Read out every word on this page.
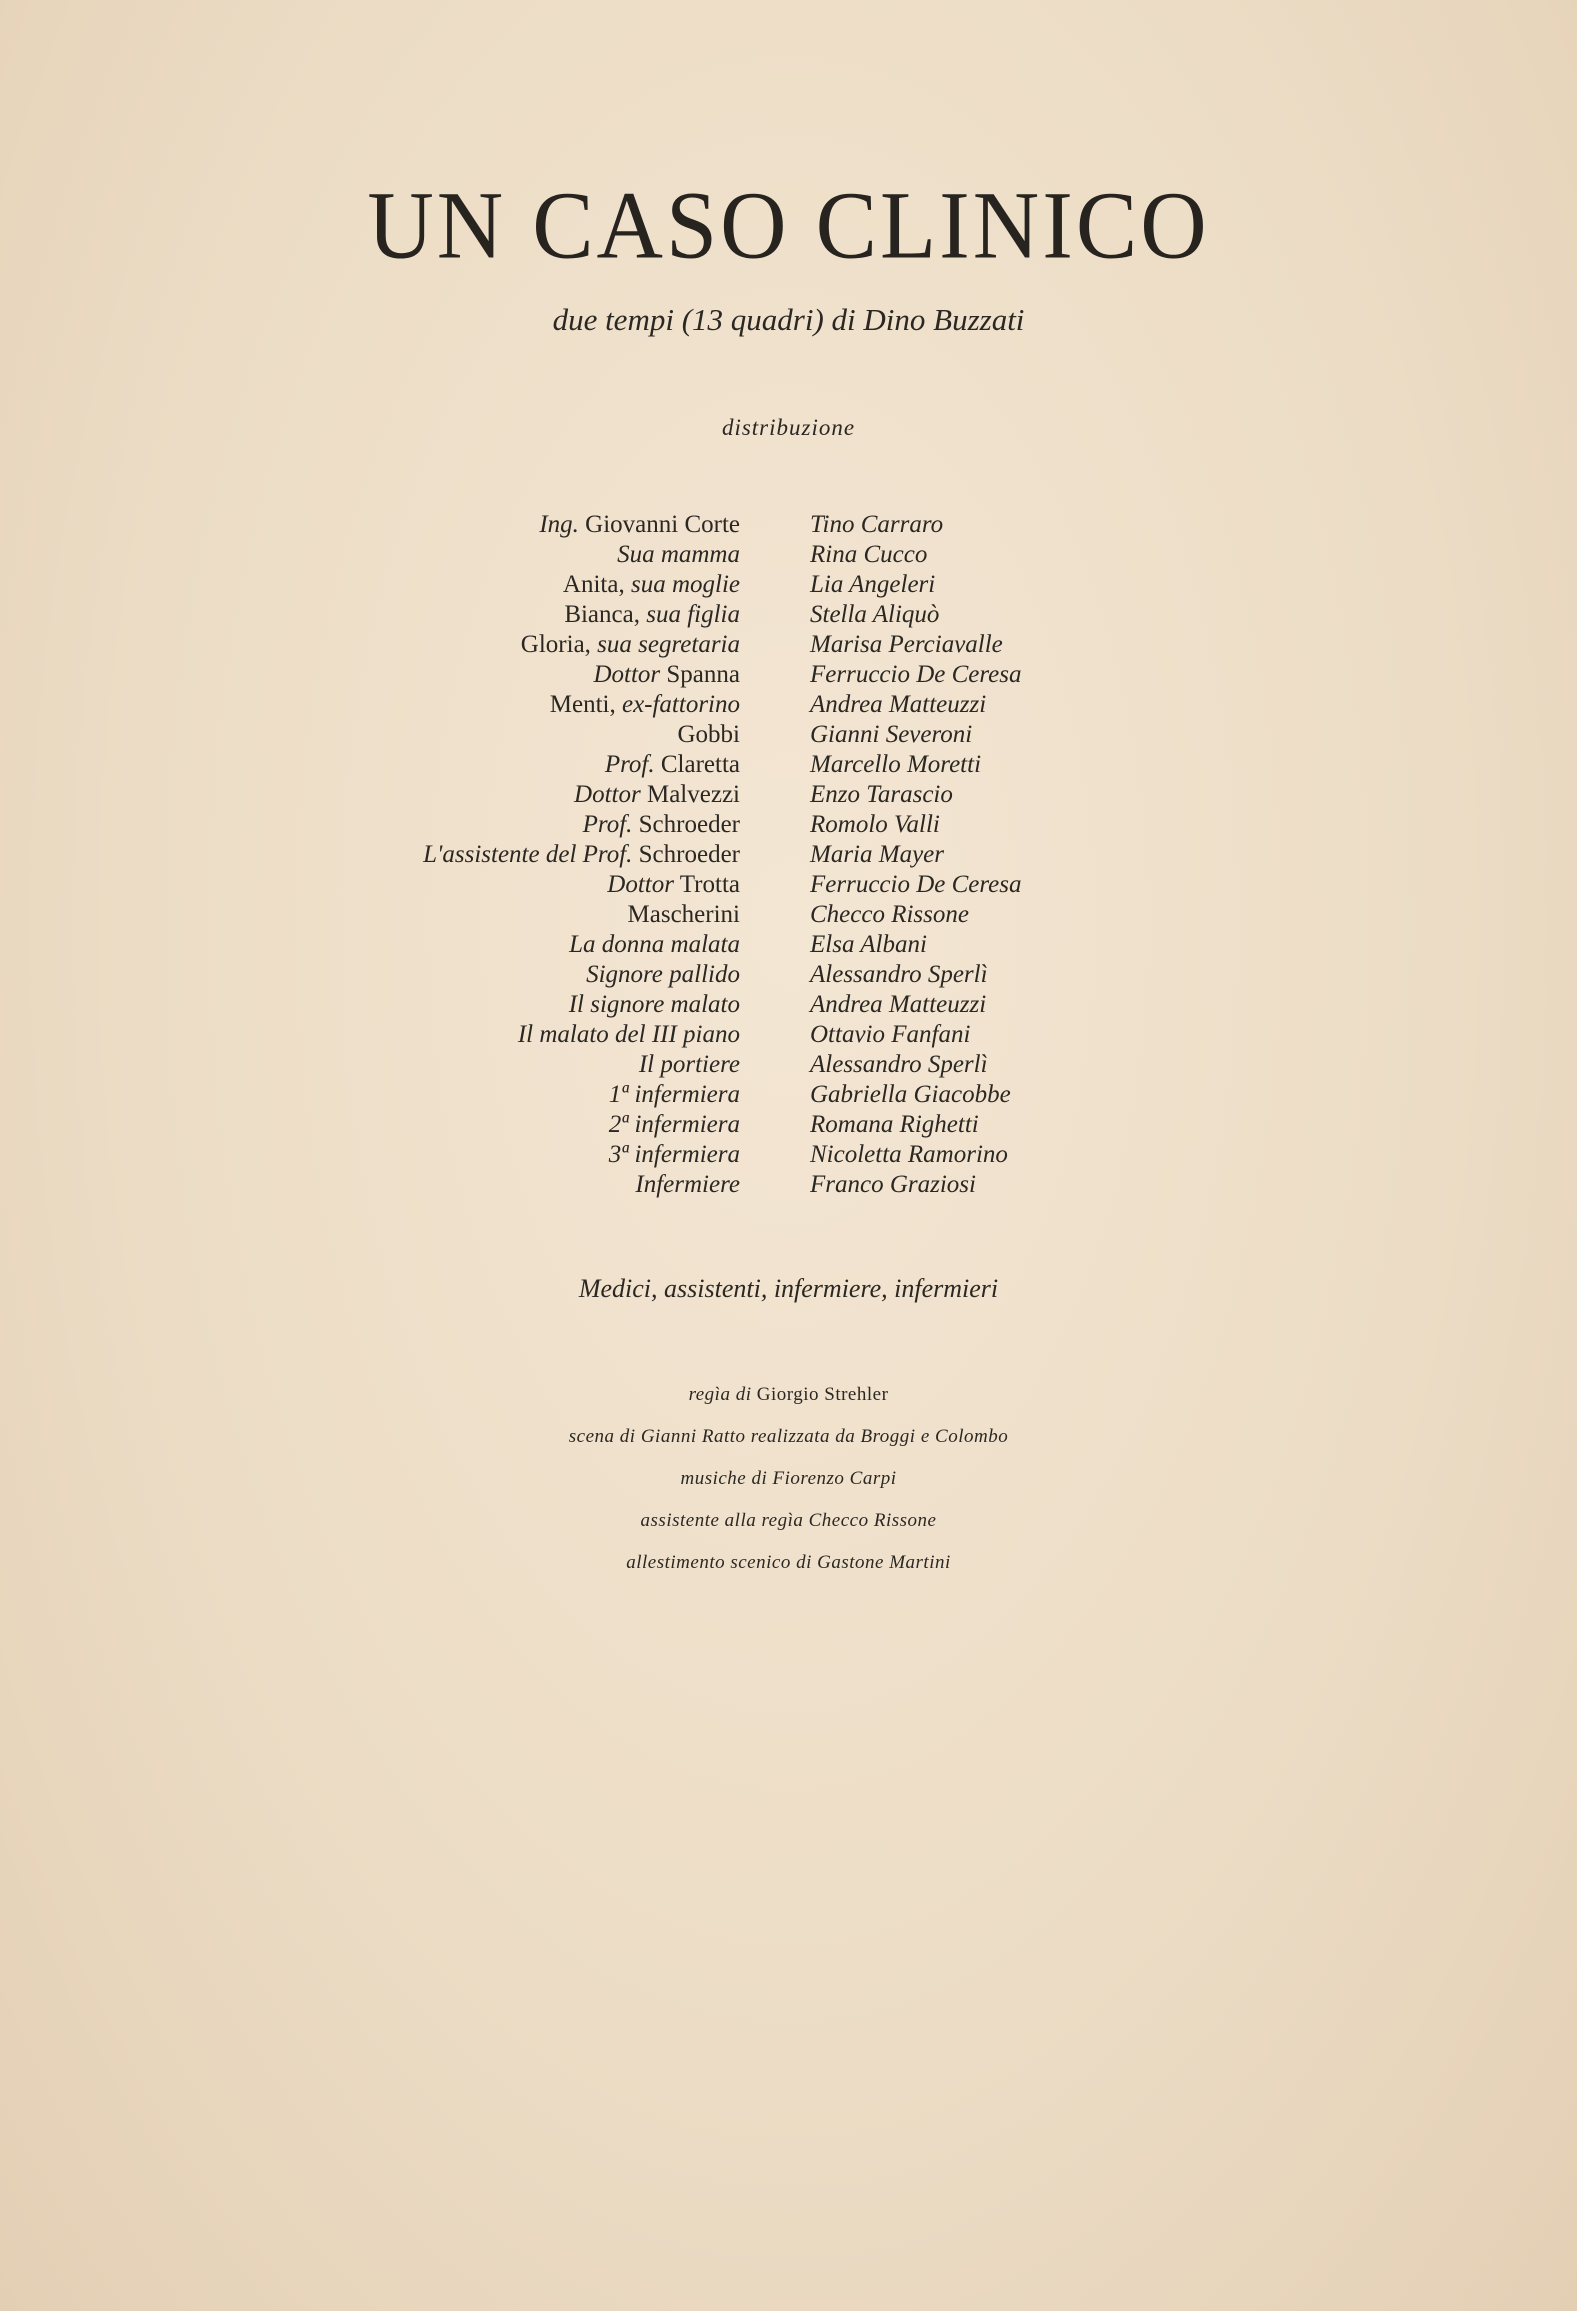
UN CASO CLINICO
due tempi (13 quadri) di Dino Buzzati
distribuzione
Ing. Giovanni Corte	Tino Carraro
Sua mamma	Rina Cucco
Anita, sua moglie	Lia Angeleri
Bianca, sua figlia	Stella Aliquò
Gloria, sua segretaria	Marisa Perciavalle
Dottor Spanna	Ferruccio De Ceresa
Menti, ex-fattorino	Andrea Matteuzzi
Gobbi	Gianni Severoni
Prof. Claretta	Marcello Moretti
Dottor Malvezzi	Enzo Tarascio
Prof. Schroeder	Romolo Valli
L'assistente del Prof. Schroeder	Maria Mayer
Dottor Trotta	Ferruccio De Ceresa
Mascherini	Checco Rissone
La donna malata	Elsa Albani
Signore pallido	Alessandro Sperlì
Il signore malato	Andrea Matteuzzi
Il malato del III piano	Ottavio Fanfani
Il portiere	Alessandro Sperlì
1ª infermiera	Gabriella Giacobbe
2ª infermiera	Romana Righetti
3ª infermiera	Nicoletta Ramorino
Infermiere	Franco Graziosi
Medici, assistenti, infermiere, infermieri
regìa di Giorgio Strehler
scena di Gianni Ratto realizzata da Broggi e Colombo
musiche di Fiorenzo Carpi
assistente alla regìa Checco Rissone
allestimento scenico di Gastone Martini
